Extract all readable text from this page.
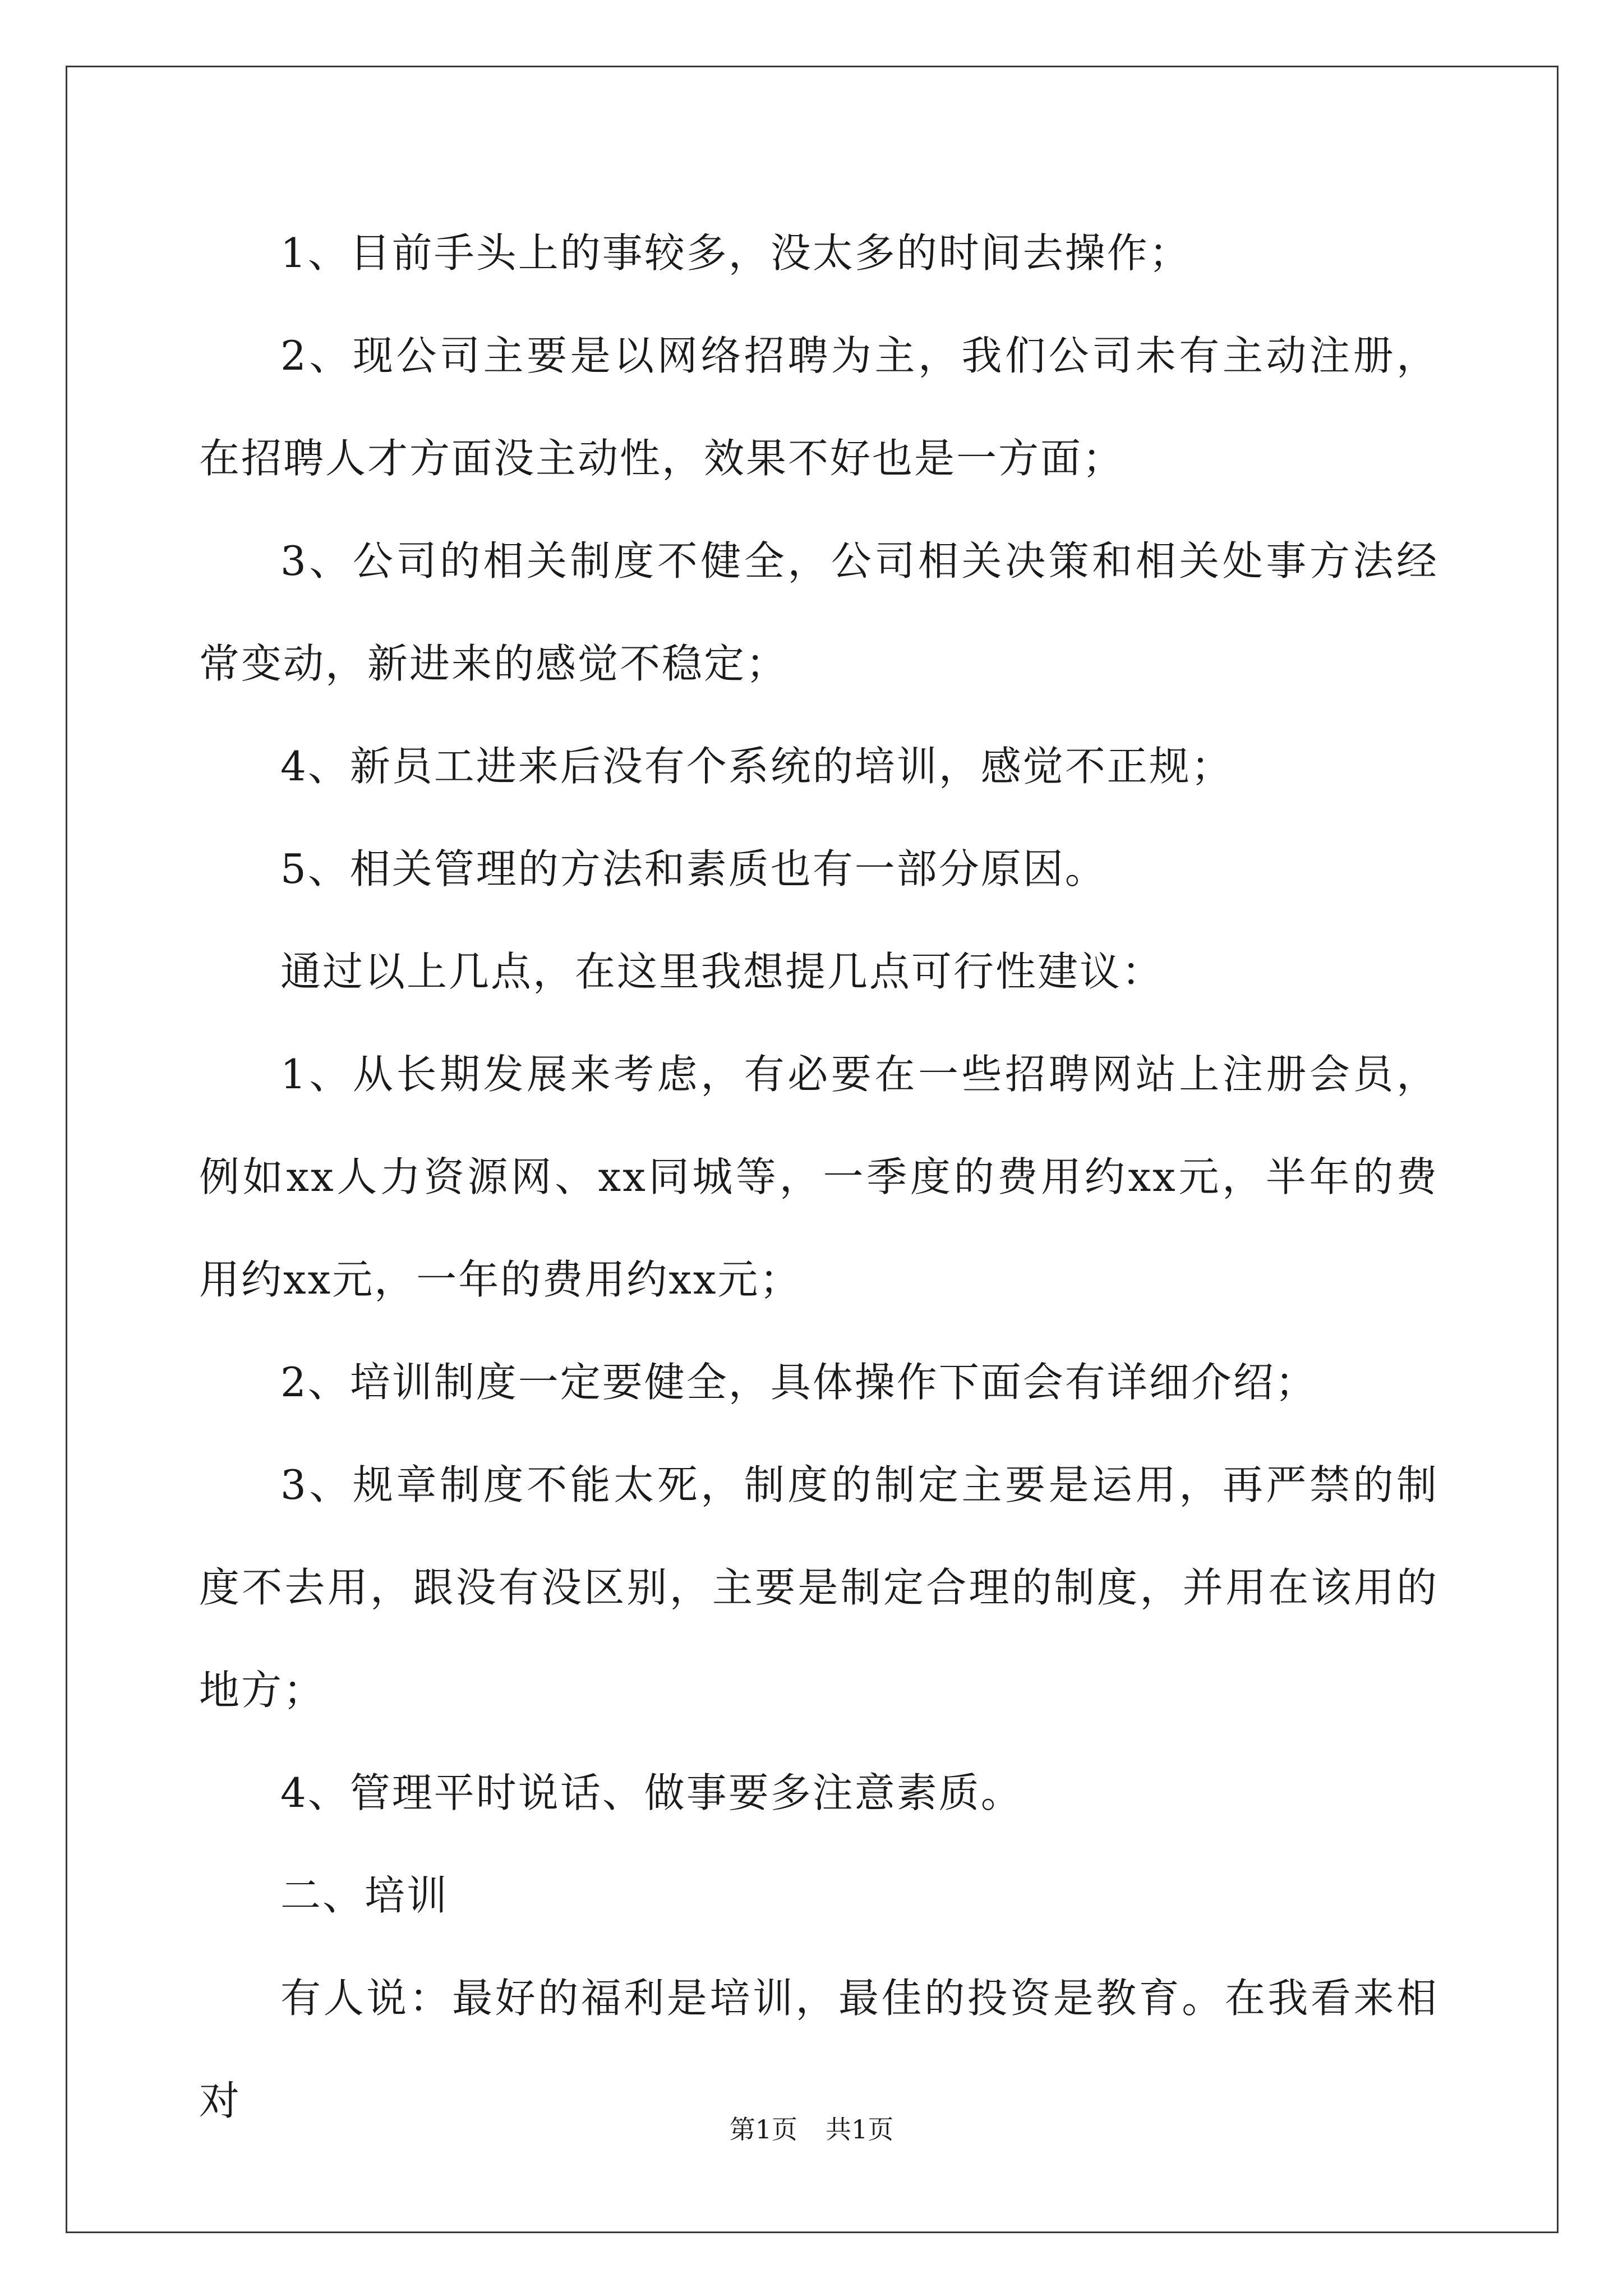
1、目前手头上的事较多，没太多的时间去操作；

2、现公司主要是以网络招聘为主，我们公司未有主动注册，在招聘人才方面没主动性，效果不好也是一方面；

3、公司的相关制度不健全，公司相关决策和相关处事方法经常变动，新进来的感觉不稳定；

4、新员工进来后没有个系统的培训，感觉不正规；

5、相关管理的方法和素质也有一部分原因。

通过以上几点，在这里我想提几点可行性建议：

1、从长期发展来考虑，有必要在一些招聘网站上注册会员，例如xx人力资源网、xx同城等，一季度的费用约xx元，半年的费用约xx元，一年的费用约xx元；

2、培训制度一定要健全，具体操作下面会有详细介绍；

3、规章制度不能太死，制度的制定主要是运用，再严禁的制度不去用，跟没有没区别，主要是制定合理的制度，并用在该用的地方；

4、管理平时说话、做事要多注意素质。

二、培训

有人说：最好的福利是培训，最佳的投资是教育。在我看来相对

第1页 共1页
